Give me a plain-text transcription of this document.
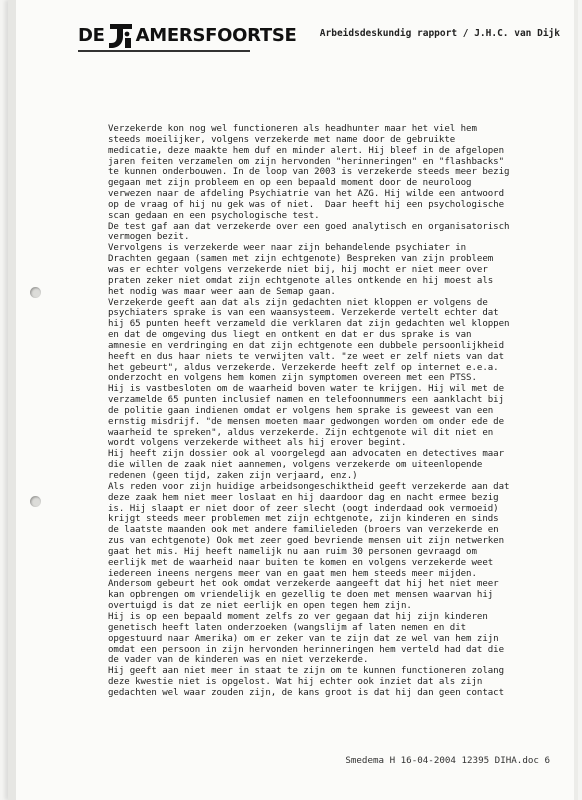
DE AMERSFOORTSE Arbeidsdeskundig rapport / J.H.C. van Dijk
Verzekerde kon nog wel functioneren als headhunter maar het viel hem
steeds moeilijker, volgens verzekerde met name door de gebruikte
medicatie, deze maakte hem duf en minder alert. Hij bleef in de afgelopen
jaren feiten verzamelen om zijn hervonden "herinneringen" en "flashbacks"
te kunnen onderbouwen. In de loop van 2003 is verzekerde steeds meer bezig
gegaan met zijn probleem en op een bepaald moment door de neuroloog
verwezen naar de afdeling Psychiatrie van het AZG. Hij wilde een antwoord
op de vraag of hij nu gek was of niet.  Daar heeft hij een psychologische
scan gedaan en een psychologische test.
De test gaf aan dat verzekerde over een goed analytisch en organisatorisch
vermogen bezit.
Vervolgens is verzekerde weer naar zijn behandelende psychiater in
Drachten gegaan (samen met zijn echtgenote) Bespreken van zijn probleem
was er echter volgens verzekerde niet bij, hij mocht er niet meer over
praten zeker niet omdat zijn echtgenote alles ontkende en hij moest als
het nodig was maar weer aan de Semap gaan.
Verzekerde geeft aan dat als zijn gedachten niet kloppen er volgens de
psychiaters sprake is van een waansysteem. Verzekerde vertelt echter dat
hij 65 punten heeft verzameld die verklaren dat zijn gedachten wel kloppen
en dat de omgeving dus liegt en ontkent en dat er dus sprake is van
amnesie en verdringing en dat zijn echtgenote een dubbele persoonlijkheid
heeft en dus haar niets te verwijten valt. "ze weet er zelf niets van dat
het gebeurt", aldus verzekerde. Verzekerde heeft zelf op internet e.e.a.
onderzocht en volgens hem komen zijn symptomen overeen met een PTSS.
Hij is vastbesloten om de waarheid boven water te krijgen. Hij wil met de
verzamelde 65 punten inclusief namen en telefoonnummers een aanklacht bij
de politie gaan indienen omdat er volgens hem sprake is geweest van een
ernstig misdrijf. "de mensen moeten maar gedwongen worden om onder ede de
waarheid te spreken", aldus verzekerde. Zijn echtgenote wil dit niet en
wordt volgens verzekerde witheet als hij erover begint.
Hij heeft zijn dossier ook al voorgelegd aan advocaten en detectives maar
die willen de zaak niet aannemen, volgens verzekerde om uiteenlopende
redenen (geen tijd, zaken zijn verjaard, enz.)
Als reden voor zijn huidige arbeidsongeschiktheid geeft verzekerde aan dat
deze zaak hem niet meer loslaat en hij daardoor dag en nacht ermee bezig
is. Hij slaapt er niet door of zeer slecht (oogt inderdaad ook vermoeid)
krijgt steeds meer problemen met zijn echtgenote, zijn kinderen en sinds
de laatste maanden ook met andere familieleden (broers van verzekerde en
zus van echtgenote) Ook met zeer goed bevriende mensen uit zijn netwerken
gaat het mis. Hij heeft namelijk nu aan ruim 30 personen gevraagd om
eerlijk met de waarheid naar buiten te komen en volgens verzekerde weet
iedereen ineens nergens meer van en gaat men hem steeds meer mijden.
Andersom gebeurt het ook omdat verzekerde aangeeft dat hij het niet meer
kan opbrengen om vriendelijk en gezellig te doen met mensen waarvan hij
overtuigd is dat ze niet eerlijk en open tegen hem zijn.
Hij is op een bepaald moment zelfs zo ver gegaan dat hij zijn kinderen
genetisch heeft laten onderzoeken (wangslijm af laten nemen en dit
opgestuurd naar Amerika) om er zeker van te zijn dat ze wel van hem zijn
omdat een persoon in zijn hervonden herinneringen hem verteld had dat die
de vader van de kinderen was en niet verzekerde.
Hij geeft aan niet meer in staat te zijn om te kunnen functioneren zolang
deze kwestie niet is opgelost. Wat hij echter ook inziet dat als zijn
gedachten wel waar zouden zijn, de kans groot is dat hij dan geen contact
Smedema H 16-04-2004 12395 DIHA.doc 6
